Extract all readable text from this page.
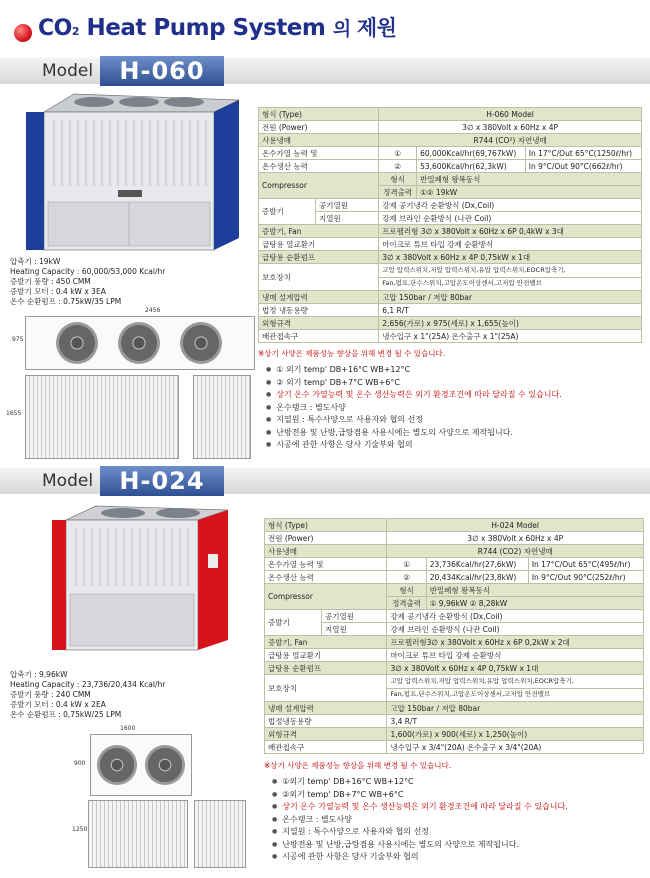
CO2 Heat Pump System 의 제원
Model	H-060
압축기 : 19kW
Heating Capacity : 60,000/53,000 Kcal/hr
증발기 풍량 : 450 CMM
증발기 모터 : 0.4 kW x 3EA
온수 순환펌프 : 0.75kW/35 LPM
2456
975
1655
형식 (Type)		H-060 Model		
전원 (Power)		3∅ x 380Volt x 60Hz x 4P		
사용냉매		R744 (CO²) 자연냉매		
온수가열 능력 및		①	60,000Kcal/hr(69,767kW)	In 17°C/Out 65°C(1250ℓ/hr)
온수생산 능력		②	53,600Kcal/hr(62,3kW)	In 9°C/Out 90°C(662ℓ/hr)
Compressor		형식	반밀폐형 왕복동식	
		정격출력	①② 19kW	
증발기	공기열원	강제 공기냉각 순환방식 (Dx,Coil)		
	지열원	강제 브라인 순환방식 (나관 Coil)		
증발기, Fan		프로펠러형 3∅ x 380Volt x 60Hz x 6P 0,4kW x 3대		
급탕용 열교환기		마이크로 튜브 타입 강제 순환방식		
급탕용 순환펌프		3∅ x 380Volt x 60Hz x 4P 0,75kW x 1대		
보호장치		고압 압력스위치,저압 압력스위치,유압 압력스위치,EOCR압축기,		
		Fan,펌프,단수스위치,고압온도이상센서,고저압 안전밸브		
냉매 설계압력		고압 150bar / 저압 80bar		
법정 냉동용량		6,1 R/T		
외형규격		2,656(가로) x 975(세로) x 1,655(높이)		
배관접속구		냉수입구 x 1"(25A) 온수출구 x 1"(25A)		
※상기 사양은 제품성능 향상을 위해 변경 될 수 있습니다.
● ① 외기 temp' DB+16°C WB+12°C
● ② 외기 temp' DB+7°C WB+6°C
● 상기 온수 가열능력 및 온수 생산능력은 외기 환경조건에 따라 달라질 수 있습니다.
● 온수탱크 : 별도사양
● 지열원 : 특수사양으로 사용자와 협의 선정
● 난방전용 및 난방,급탕겸용 사용시에는 별도의 사양으로 제작됩니다.
● 시공에 관한 사항은 당사 기술부와 협의
Model	H-024
압축기 : 9,96kW
Heating Capacity : 23,736/20,434 Kcal/hr
증발기 풍량 : 240 CMM
증발기 모터 : 0.4 kW x 2EA
온수 순환펌프 : 0,75kW/25 LPM
1600
900
1250
형식 (Type)		H-024 Model		
전원 (Power)		3∅ x 380Volt x 60Hz x 4P		
사용냉매		R744 (CO2) 자연냉매		
온수가열 능력 및		①	23,736Kcal/hr(27,6kW)	In 17°C/Out 65°C(495ℓ/hr)
온수생산 능력		②	20,434Kcal/hr(23,8kW)	In 9°C/Out 90°C(252ℓ/hr)
Compressor		형식	반밀폐형 왕복동식	
		정격출력	① 9,96kW ② 8,28kW	
증발기	공기열원	강제 공기냉각 순환방식 (Dx,Coil)		
	지열원	강제 브라인 순환방식 (나관 Coil)		
증발기, Fan		프로펠러형3∅ x 380Volt x 60Hz x 6P 0,2kW x 2대		
급탕용 열교환기		마이크로 튜브 타입 강제 순환방식		
급탕용 순환펌프		3∅ x 380Volt x 60Hz x 4P 0,75kW x 1대		
보호장치		고압 압력스위치,저압 압력스위치,유압 압력스위치,EOCR압축기,		
		Fan,펌프,단수스위치,고압온도이상센서,고저압 안전밸브		
냉매 설계압력		고압 150bar / 저압 80bar		
법정냉동용량		3,4 R/T		
외형규격		1,600(가로) x 900(세로) x 1,250(높이)		
배관접속구		냉수입구 x 3/4"(20A) 온수출구 x 3/4"(20A)		
※상기 사양은 제품성능 향상을 위해 변경 될 수 있습니다.
● ①외기 temp' DB+16°C WB+12°C
● ②외기 temp' DB+7°C WB+6°C
● 상기 온수 가열능력 및 온수 생산능력은 외기 환경조건에 따라 달라질 수 있습니다.
● 온수탱크 : 별도사양
● 지열원 : 특수사양으로 사용자와 협의 선정
● 난방전용 및 난방,급탕겸용 사용시에는 별도의 사양으로 제작됩니다.
● 시공에 관한 사항은 당사 기술부와 협의
